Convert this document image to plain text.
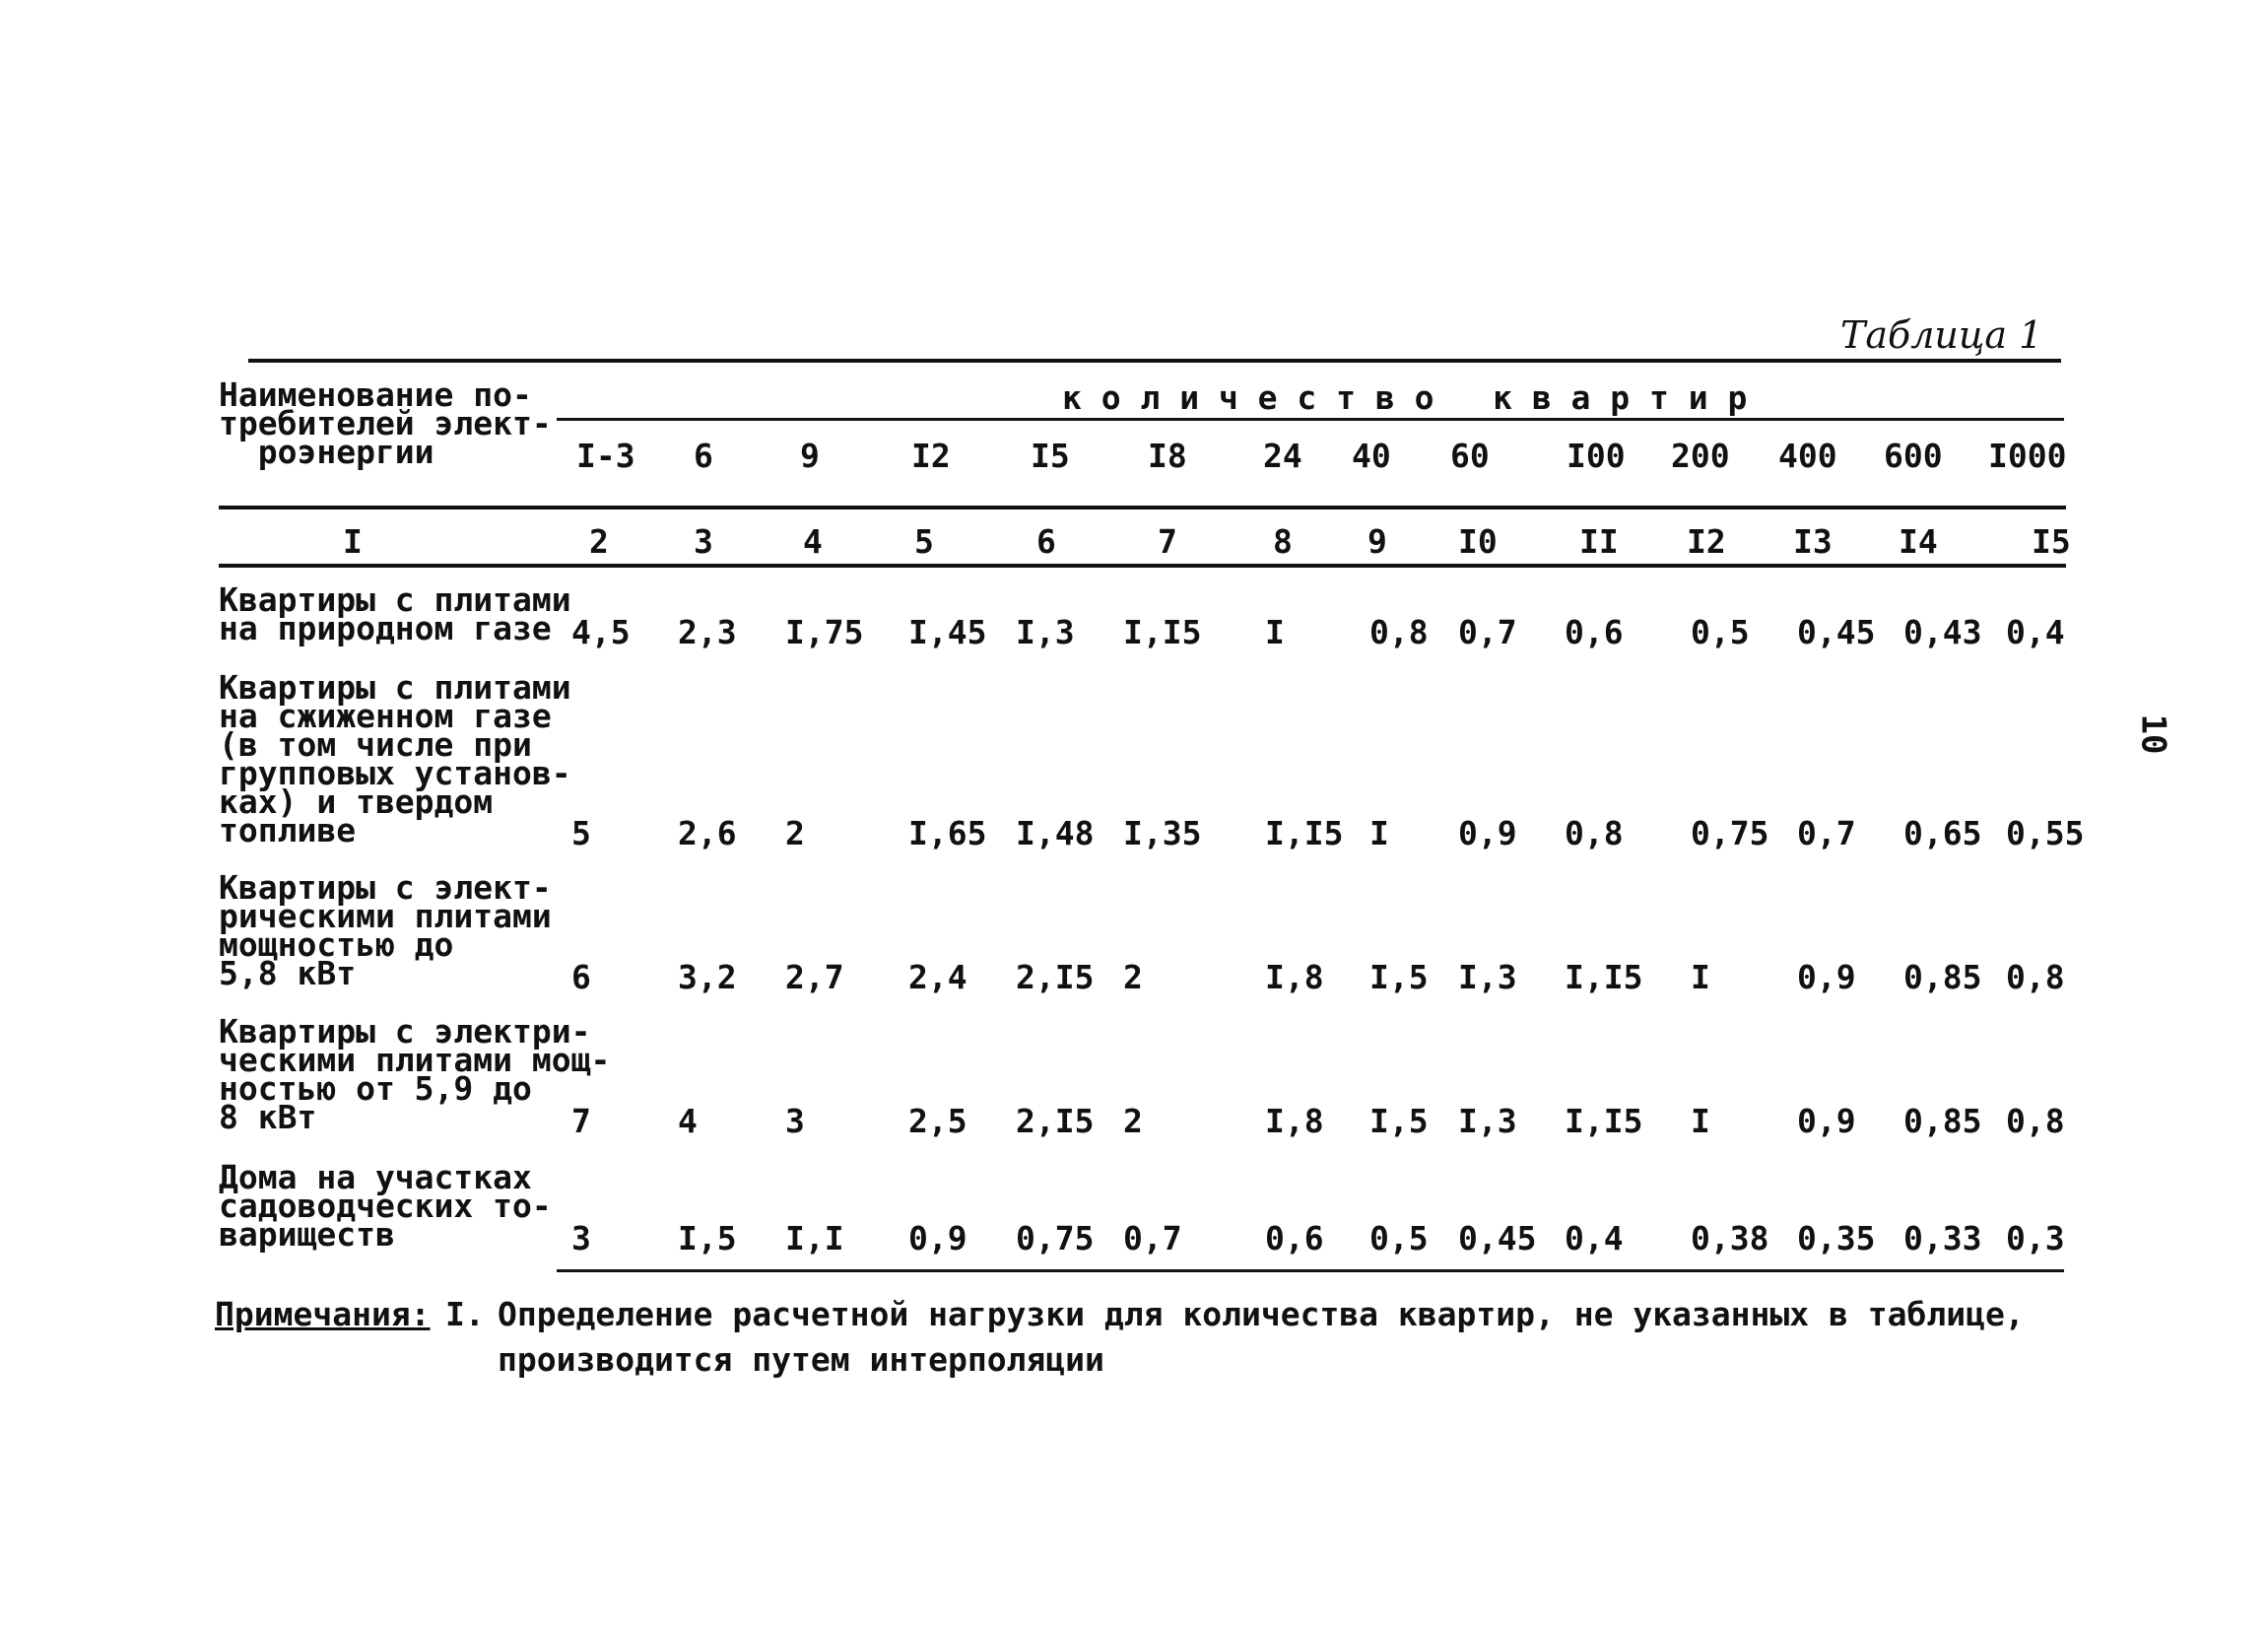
Таблица 1
10
Наименование по-
требителей элект-
роэнергии
к о л и ч е с т в о   к в а р т и р
I-3 6	9	I2 I5 I8 24 40 60 I00 200 400 600 I000
I	2	3	4	5	6	7	8 9 I0	II I2 I3 I4	I5
Квартиры с плитами
на природном газе 4,5 2,3 I,75 I,45 I,3 I,I5 I	0,8 0,7 0,6 0,5 0,45 0,43 0,4
Квартиры с плитами
на сжиженном газе
(в том числе при
групповых установ-
ках) и твердом
топливе	5	2,6 2	I,65 I,48 I,35 I,I5 I 0,9 0,8 0,75 0,7 0,65 0,55
Квартиры с элект-
рическими плитами
мощностью до
5,8 кВт	6	3,2 2,7 2,4 2,I5 2	I,8 I,5 I,3 I,I5 I	0,9 0,85 0,8
Квартиры с электри-
ческими плитами мощ-
ностью от 5,9 до
8 кВт	7	4	3	2,5 2,I5 2	I,8 I,5 I,3 I,I5 I	0,9 0,85 0,8
Дома на участках
садоводческих то-
вариществ	3	I,5 I,I 0,9 0,75 0,7	0,6 0,5 0,45 0,4 0,38 0,35 0,33 0,3
Примечания: I. Определение расчетной нагрузки для количества квартир, не указанных в таблице,
производится путем интерполяции
